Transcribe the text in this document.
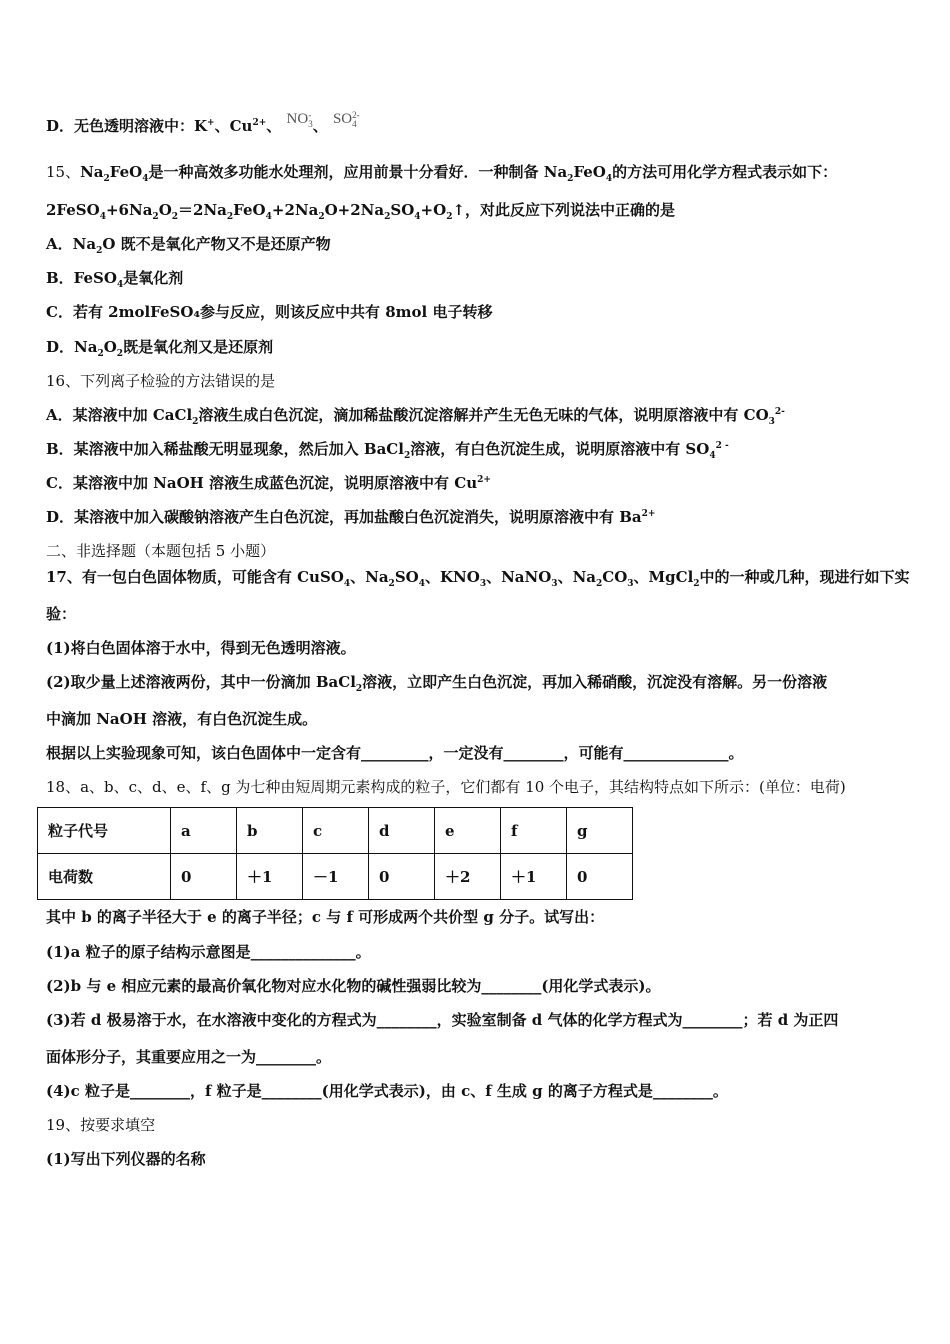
D．无色透明溶液中：K+、$Cu^{2+}$、 NO -
3 、 SO 2-
4
15、$Na_2FeO_4$是一种高效多功能水处理剂，应用前景十分看好．一种制备 $Na_2FeO_4$的方法可用化学方程式表示如下：
$2FeSO_4+6Na_2O_2=2Na_2FeO_4+2Na_2O+2Na_2SO_4+O_2↑$，对此反应下列说法中正确的是
A．$Na_2O$ 既不是氧化产物又不是还原产物
B．FeSO$_4$是氧化剂
C．若有 2molFeSO₄参与反应，则该反应中共有 8mol 电子转移
D．$Na_2O_2$既是氧化剂又是还原剂
16、下列离子检验的方法错误的是
A．某溶液中加 CaCl$_2$溶液生成白色沉淀，滴加稀盐酸沉淀溶解并产生无色无味的气体，说明原溶液中有 $CO_3^{2-}$
B．某溶液中加入稀盐酸无明显现象，然后加入 BaCl$_2$溶液，有白色沉淀生成，说明原溶液中有 $SO_4^{2 -}$
C．某溶液中加 NaOH 溶液生成蓝色沉淀，说明原溶液中有 $Cu^{2+}$
D．某溶液中加入碳酸钠溶液产生白色沉淀，再加盐酸白色沉淀消失，说明原溶液中有 $Ba^{2+}$
二、非选择题（本题包括 5 小题）
17、有一包白色固体物质，可能含有 CuSO$_4$、$Na_2SO_4$、$KNO_3$、NaNO$_3$、$Na_2CO_3$、MgCl$_2$中的一种或几种，现进行如下实
验：
(1)将白色固体溶于水中，得到无色透明溶液。
(2)取少量上述溶液两份，其中一份滴加 BaCl$_2$溶液，立即产生白色沉淀，再加入稀硝酸，沉淀没有溶解。另一份溶液
中滴加 NaOH 溶液，有白色沉淀生成。
根据以上实验现象可知，该白色固体中一定含有_________，一定没有________，可能有______________。
18、a、b、c、d、e、f、g 为七种由短周期元素构成的粒子，它们都有 10 个电子，其结构特点如下所示：(单位：电荷)
粒子代号	a	b	c	d	e	f	g
电荷数	0	＋1	－1	0	＋2	＋1	0
其中 b 的离子半径大于 e 的离子半径；c 与 f 可形成两个共价型 g 分子。试写出：
(1)a 粒子的原子结构示意图是______________。
(2)b 与 e 相应元素的最高价氧化物对应水化物的碱性强弱比较为________(用化学式表示)。
(3)若 d 极易溶于水，在水溶液中变化的方程式为________，实验室制备 d 气体的化学方程式为________；若 d 为正四
面体形分子，其重要应用之一为________。
(4)c 粒子是________，f 粒子是________(用化学式表示)，由 c、f 生成 g 的离子方程式是________。
19、按要求填空
(1)写出下列仪器的名称
